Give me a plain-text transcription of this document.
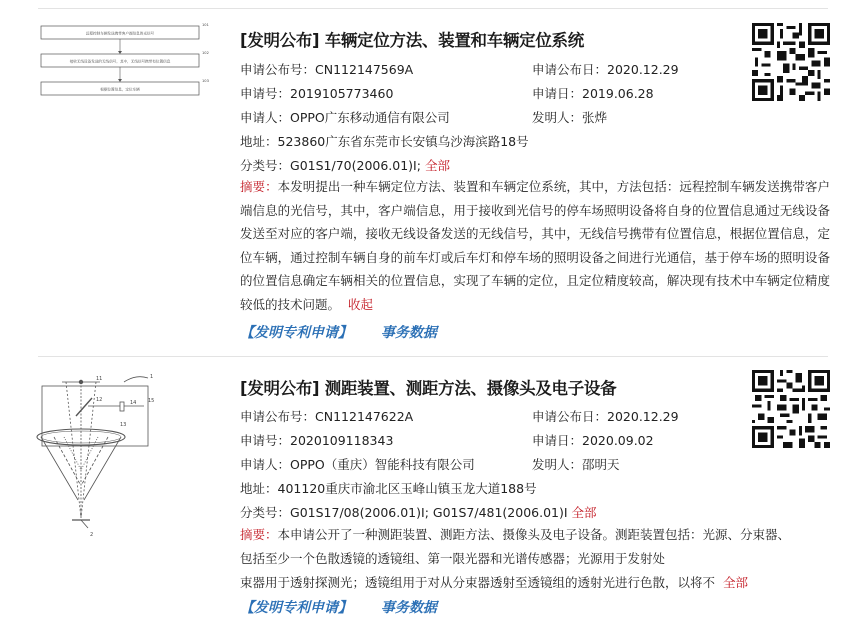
远程控制车辆发送携带客户端信息的光信号
101
接收无线设备发送的无线信号，其中，无线信号携带有位置信息
102
根据位置信息，定位车辆
103
[发明公布] 车辆定位方法、装置和车辆定位系统
申请公布号：CN112147569A	申请公布日：2020.12.29
申请号：2019105773460	申请日：2019.06.28
申请人：OPPO广东移动通信有限公司	发明人：张烨
地址：523860广东省东莞市长安镇乌沙海滨路18号
分类号：G01S1/70(2006.01)I; 全部
摘要：本发明提出一种车辆定位方法、装置和车辆定位系统，其中，方法包括：远程控制车辆发送携带客户端信息的光信号，其中，客户端信息，用于接收到光信号的停车场照明设备将自身的位置信息通过无线设备发送至对应的客户端，接收无线设备发送的无线信号，其中，无线信号携带有位置信息，根据位置信息，定位车辆，通过控制车辆自身的前车灯或后车灯和停车场的照明设备之间进行光通信，基于停车场的照明设备的位置信息确定车辆相关的位置信息，实现了车辆的定位，且定位精度较高，解决现有技术中车辆定位精度较低的技术问题。 收起
【发明专利申请】 事务数据
11	1
12	14 15
13
2
[发明公布] 测距装置、测距方法、摄像头及电子设备
申请公布号：CN112147622A	申请公布日：2020.12.29
申请号：2020109118343	申请日：2020.09.02
申请人：OPPO（重庆）智能科技有限公司	发明人：邵明天
地址：401120重庆市渝北区玉峰山镇玉龙大道188号
分类号：G01S17/08(2006.01)I; G01S7/481(2006.01)I 全部
摘要：本申请公开了一种测距装置、测距方法、摄像头及电子设备。测距装置包括：光源、分束器、
包括至少一个色散透镜的透镜组、第一限光器和光谱传感器；光源用于发射处
束器用于透射探测光；透镜组用于对从分束器透射至透镜组的透射光进行色散，以将不 全部
【发明专利申请】 事务数据
